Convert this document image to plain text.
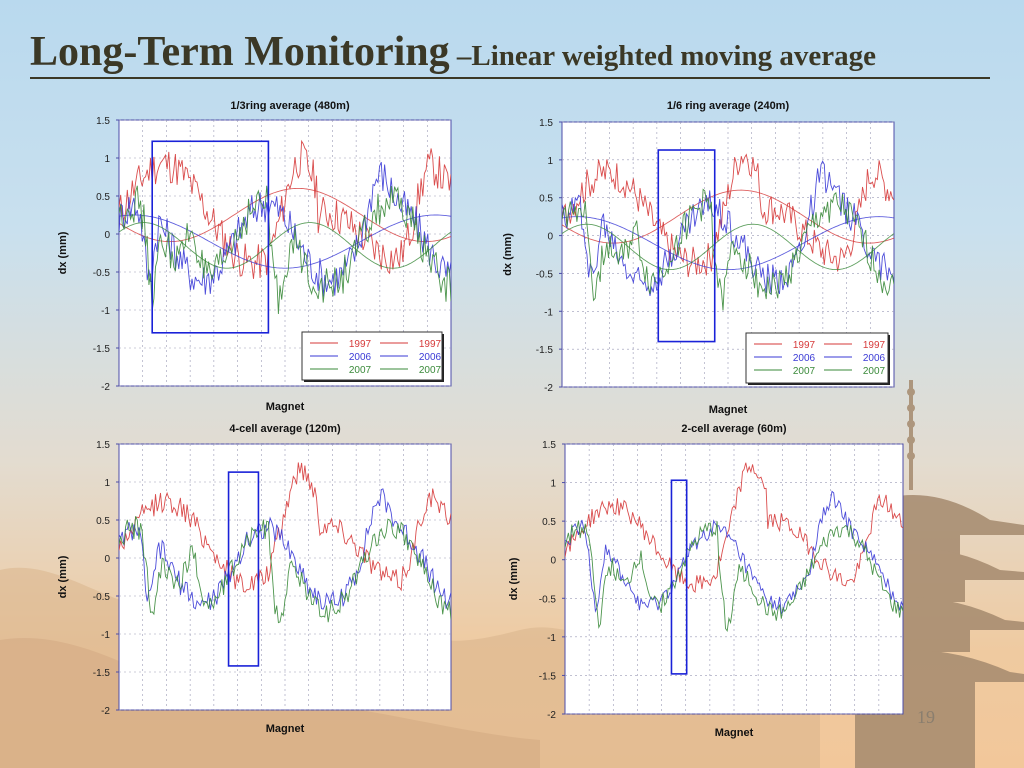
Long-Term Monitoring –Linear weighted moving average
1.5
1
0.5
0
-0.5
-1
-1.5
-2
1/3ring average (480m)
Magnet
dx (mm)
1997
2006
2007
1997
2006
2007
1.5
1
0.5
0
-0.5
-1
-1.5
-2
1/6 ring average (240m)
Magnet
dx (mm)
1997
2006
2007
1997
2006
2007
1.5
1
0.5
0
-0.5
-1
-1.5
-2
4-cell average (120m)
Magnet
dx (mm)
1.5
1
0.5
0
-0.5
-1
-1.5
-2
2-cell average (60m)
Magnet
dx (mm)
19
